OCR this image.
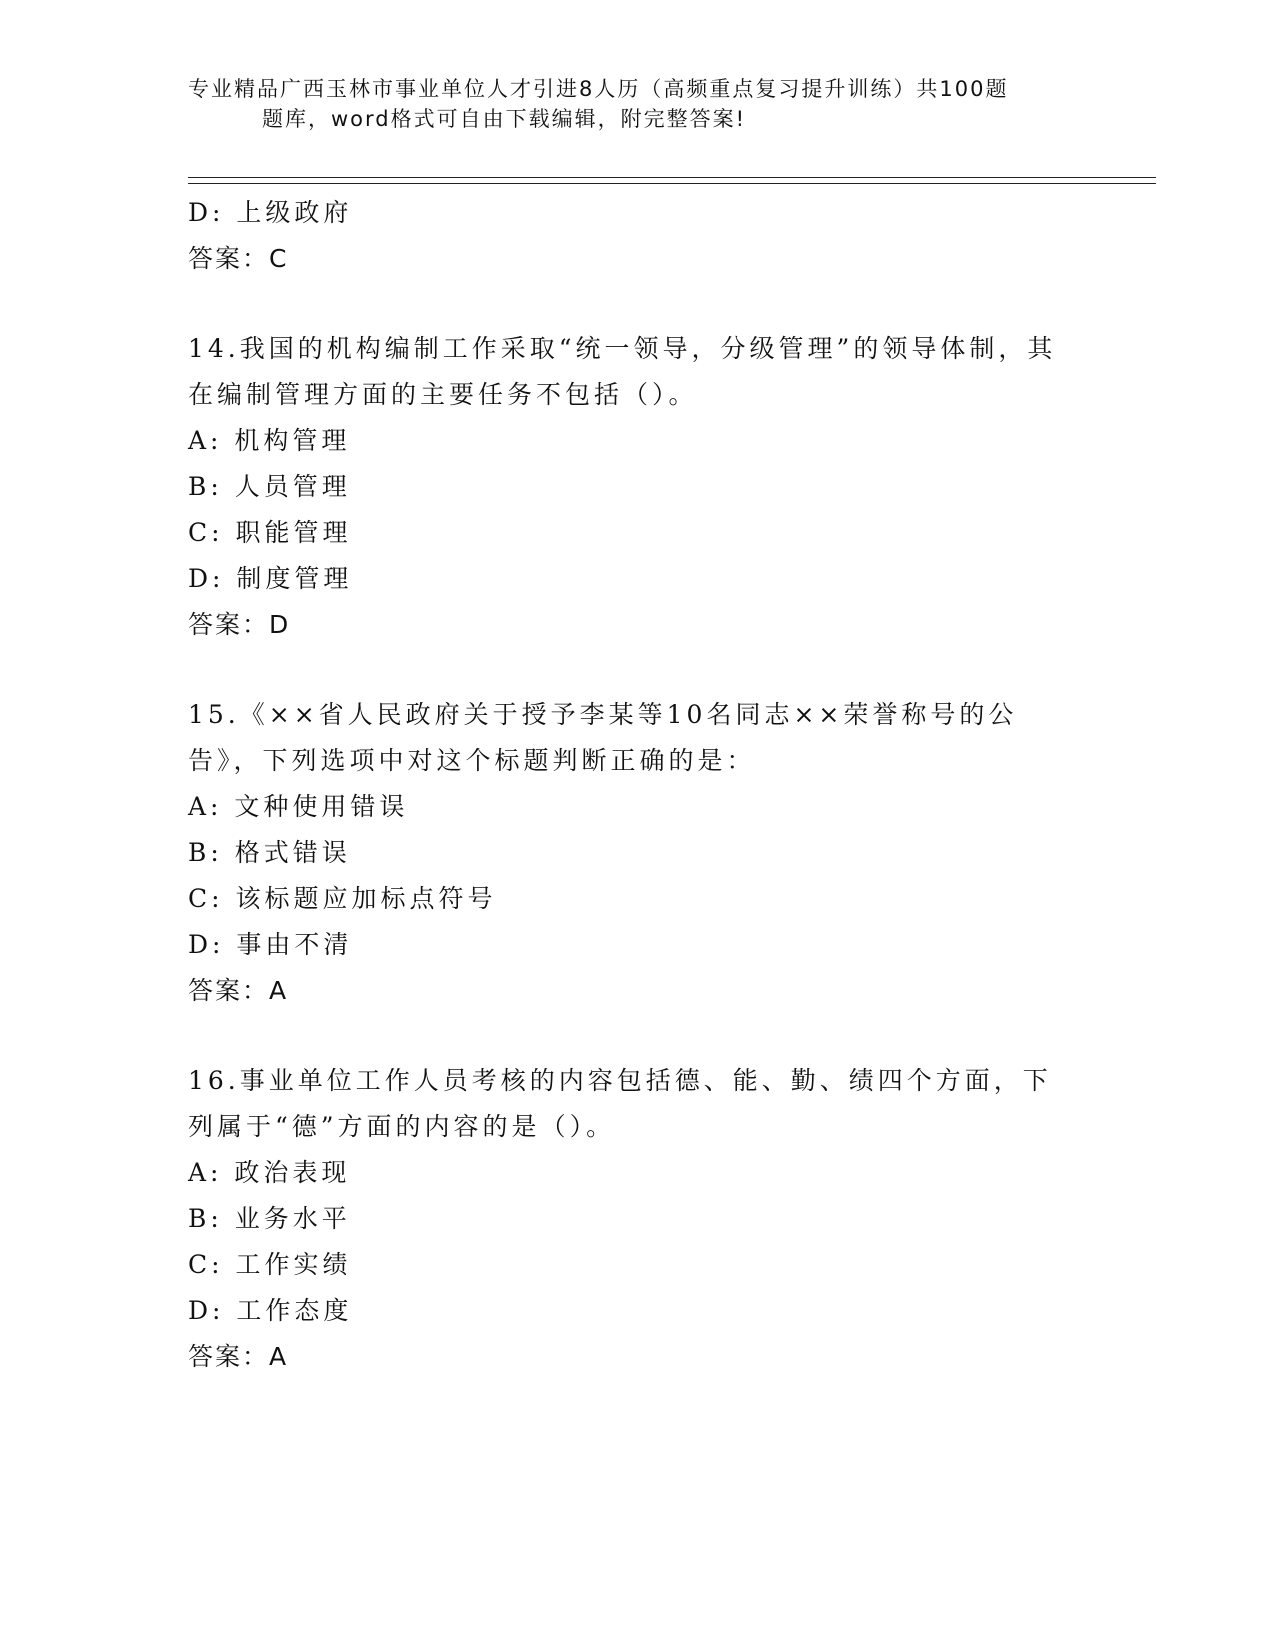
专业精品广西玉林市事业单位人才引进8人历（高频重点复习提升训练）共100题
题库，word格式可自由下载编辑，附完整答案!
D: 上级政府
答案：C
14.我国的机构编制工作采取“统一领导，分级管理”的领导体制，其在编制管理方面的主要任务不包括（）。
A: 机构管理
B: 人员管理
C: 职能管理
D: 制度管理
答案：D
15.《××省人民政府关于授予李某等10名同志××荣誉称号的公告》，下列选项中对这个标题判断正确的是：
A: 文种使用错误
B: 格式错误
C: 该标题应加标点符号
D: 事由不清
答案：A
16.事业单位工作人员考核的内容包括德、能、勤、绩四个方面，下列属于“德”方面的内容的是（）。
A: 政治表现
B: 业务水平
C: 工作实绩
D: 工作态度
答案：A
